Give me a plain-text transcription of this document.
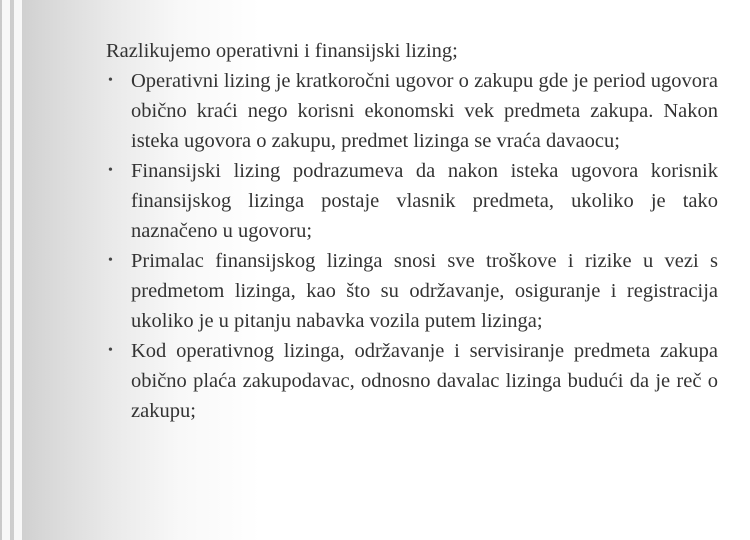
Razlikujemo operativni i finansijski lizing;

• Operativni lizing je kratkoročni ugovor o zakupu gde je period ugovora obično kraći nego korisni ekonomski vek predmeta zakupa. Nakon isteka ugovora o zakupu, predmet lizinga se vraća davaocu;
• Finansijski lizing podrazumeva da nakon isteka ugovora korisnik finansijskog lizinga postaje vlasnik predmeta, ukoliko je tako naznačeno u ugovoru;
• Primalac finansijskog lizinga snosi sve troškove i rizike u vezi s predmetom lizinga, kao što su održavanje, osiguranje i registracija ukoliko je u pitanju nabavka vozila putem lizinga;
• Kod operativnog lizinga, održavanje i servisiranje predmeta zakupa obično plaća zakupodavac, odnosno davalac lizinga budući da je reč o zakupu;
